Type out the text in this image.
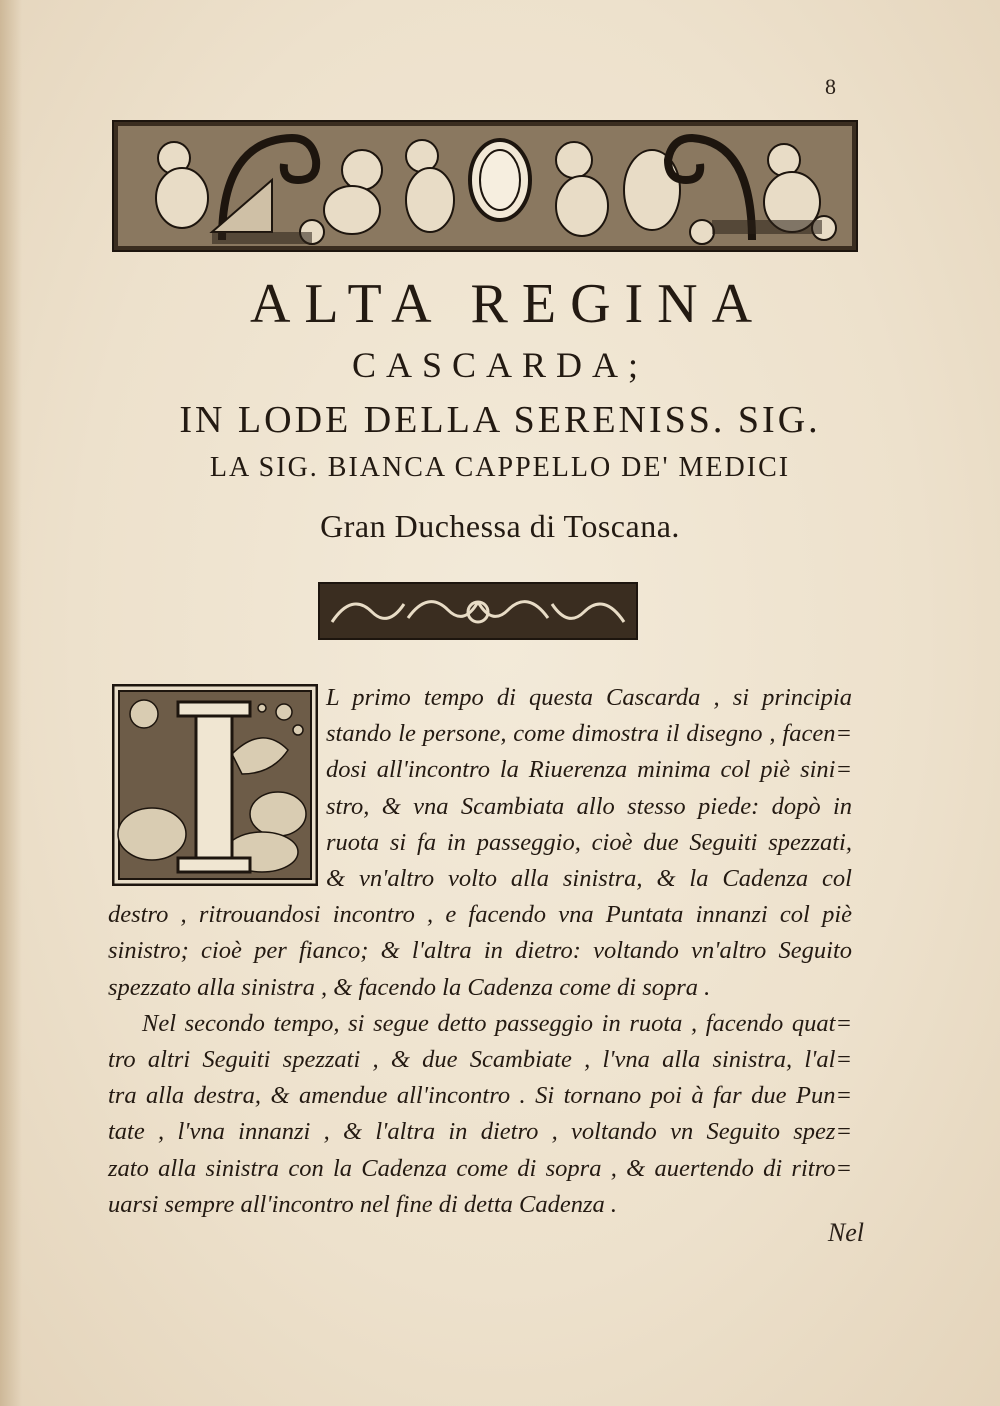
8
ALTA REGINA
CASCARDA;
IN LODE DELLA SERENISS. SIG.
LA SIG. BIANCA CAPPELLO DE' MEDICI
Gran Duchessa di Toscana.
L primo tempo di questa Cascarda , si principia
stando le persone, come dimostra il disegno , facen=
dosi all'incontro la Riuerenza minima col piè sini=
stro, & vna Scambiata allo stesso piede: dopò in
ruota si fa in passeggio, cioè due Seguiti spezzati,
& vn'altro volto alla sinistra, & la Cadenza col
destro , ritrouandosi incontro , e facendo vna Puntata innanzi col piè
sinistro; cioè per fianco; & l'altra in dietro: voltando vn'altro Seguito
spezzato alla sinistra , & facendo la Cadenza come di sopra .
Nel secondo tempo, si segue detto passeggio in ruota , facendo quat=
tro altri Seguiti spezzati , & due Scambiate , l'vna alla sinistra, l'al=
tra alla destra, & amendue all'incontro . Si tornano poi à far due Pun=
tate , l'vna innanzi , & l'altra in dietro , voltando vn Seguito spez=
zato alla sinistra con la Cadenza come di sopra , & auertendo di ritro=
uarsi sempre all'incontro nel fine di detta Cadenza .
Nel
